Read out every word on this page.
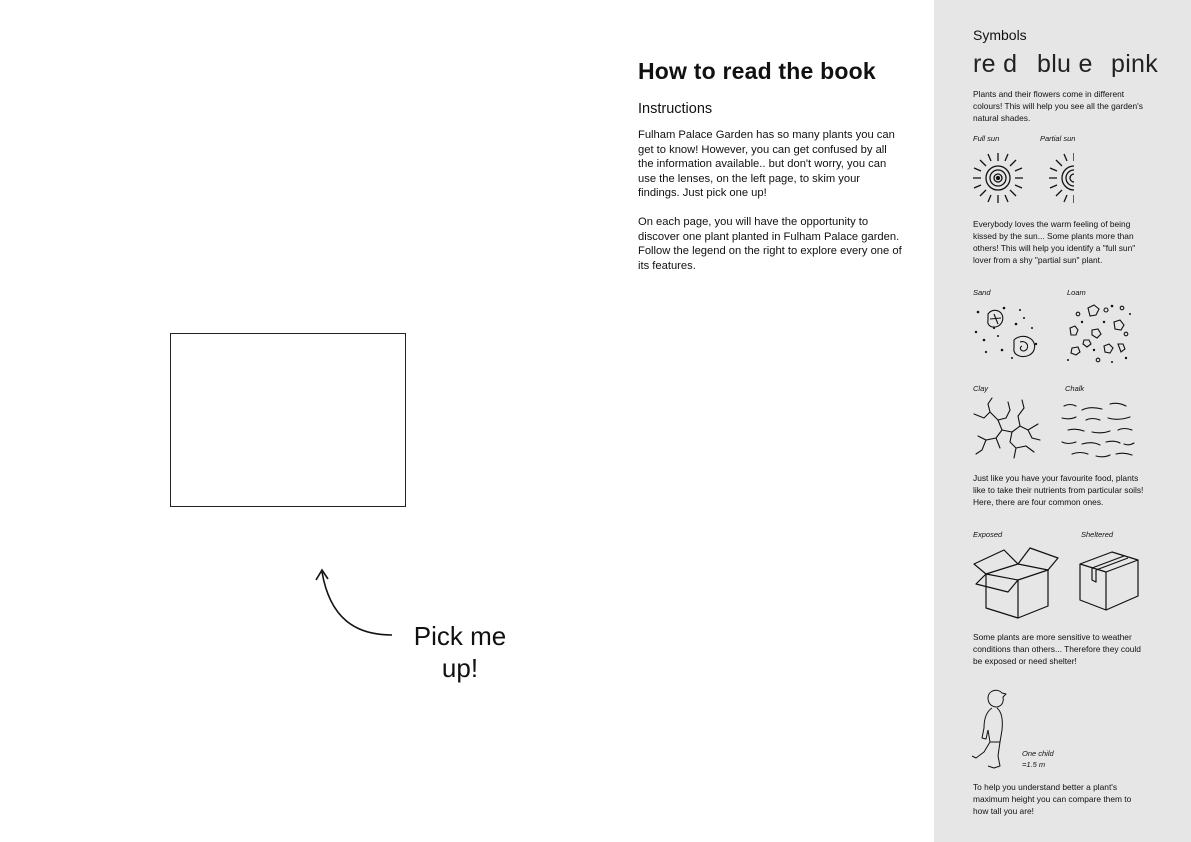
Pick me up!
How to read the book
Instructions
Fulham Palace Garden has so many plants you can get to know! However, you can get confused by all the information available.. but don't worry, you can use the lenses, on the left page, to skim your findings. Just pick one up!
On each page, you will have the opportunity to discover one plant planted in Fulham Palace garden. Follow the legend on the right to explore every one of its features.
Symbols
re d blu e pink
Plants and their flowers come in different colours! This will help you see all the garden's natural shades.
Full sun	Partial sun
Everybody loves the warm feeling of being kissed by the sun... Some plants more than others! This will help you identify a "full sun" lover from a shy "partial sun" plant.
Sand	Loam
Clay	Chalk
Just like you have your favourite food, plants like to take their nutrients from particular soils! Here, there are four common ones.
Exposed	Sheltered
Some plants are more sensitive to weather conditions than others... Therefore they could be exposed or need shelter!
One child
=1.5 m
To help you understand better a plant's maximum height you can compare them to how tall you are!
